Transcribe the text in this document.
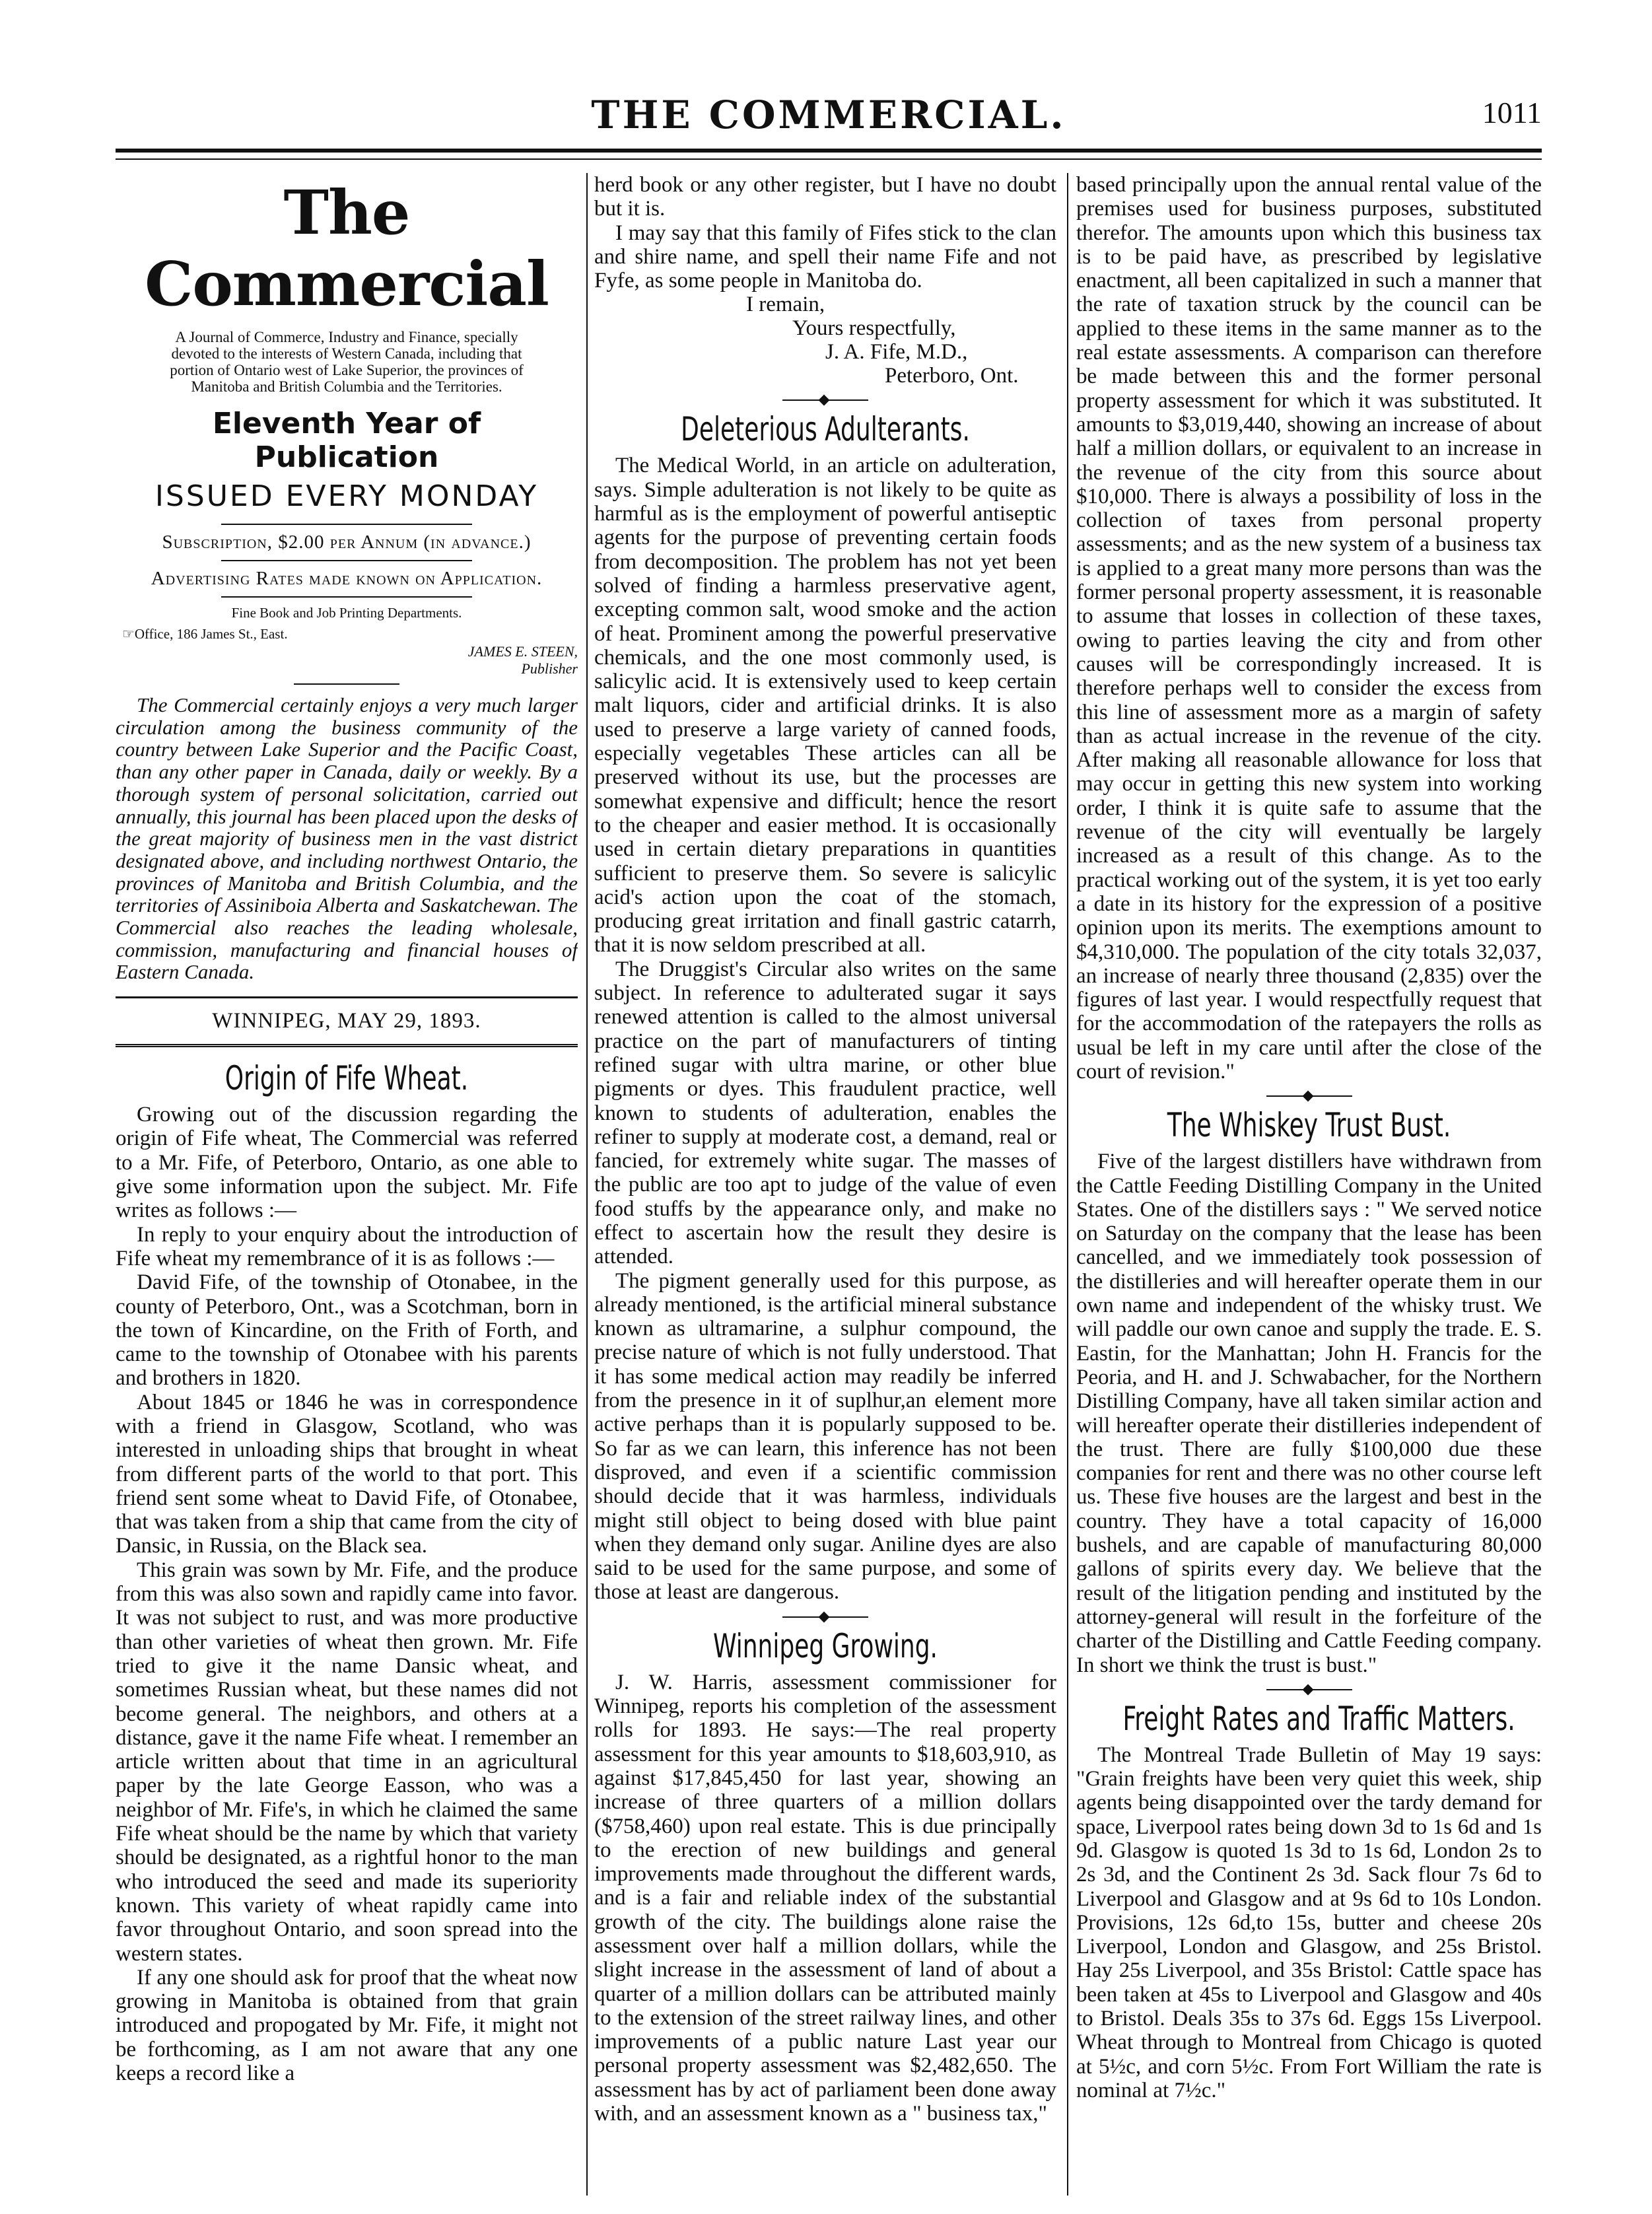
THE COMMERCIAL.	1011
The Commercial
A Journal of Commerce, Industry and Finance, specially devoted to the interests of Western Canada, including that portion of Ontario west of Lake Superior, the provinces of Manitoba and British Columbia and the Territories.
Eleventh Year of Publication
ISSUED EVERY MONDAY
Subscription, $2.00 per Annum (in advance.)
Advertising Rates made known on Application.
Fine Book and Job Printing Departments.
☞Office, 186 James St., East.
JAMES E. STEEN,
Publisher

The Commercial certainly enjoys a very much larger circulation among the business community of the country between Lake Superior and the Pacific Coast, than any other paper in Canada, daily or weekly. By a thorough system of personal solicitation, carried out annually, this journal has been placed upon the desks of the great majority of business men in the vast district designated above, and including northwest Ontario, the provinces of Manitoba and British Columbia, and the territories of Assiniboia Alberta and Saskatchewan. The Commercial also reaches the leading wholesale, commission, manufacturing and financial houses of Eastern Canada.

WINNIPEG, MAY 29, 1893.
Origin of Fife Wheat.

Growing out of the discussion regarding the origin of Fife wheat, The Commercial was referred to a Mr. Fife, of Peterboro, Ontario, as one able to give some information upon the subject. Mr. Fife writes as follows :—

In reply to your enquiry about the introduction of Fife wheat my remembrance of it is as follows :—

David Fife, of the township of Otonabee, in the county of Peterboro, Ont., was a Scotchman, born in the town of Kincardine, on the Frith of Forth, and came to the township of Otonabee with his parents and brothers in 1820.

About 1845 or 1846 he was in correspondence with a friend in Glasgow, Scotland, who was interested in unloading ships that brought in wheat from different parts of the world to that port. This friend sent some wheat to David Fife, of Otonabee, that was taken from a ship that came from the city of Dansic, in Russia, on the Black sea.

This grain was sown by Mr. Fife, and the produce from this was also sown and rapidly came into favor. It was not subject to rust, and was more productive than other varieties of wheat then grown. Mr. Fife tried to give it the name Dansic wheat, and sometimes Russian wheat, but these names did not become general. The neighbors, and others at a distance, gave it the name Fife wheat. I remember an article written about that time in an agricultural paper by the late George Easson, who was a neighbor of Mr. Fife's, in which he claimed the same Fife wheat should be the name by which that variety should be designated, as a rightful honor to the man who introduced the seed and made its superiority known. This variety of wheat rapidly came into favor throughout Ontario, and soon spread into the western states.

If any one should ask for proof that the wheat now growing in Manitoba is obtained from that grain introduced and propogated by Mr. Fife, it might not be forthcoming, as I am not aware that any one keeps a record like a

herd book or any other register, but I have no doubt but it is.

I may say that this family of Fifes stick to the clan and shire name, and spell their name Fife and not Fyfe, as some people in Manitoba do.

I remain,
Yours respectfully,
J. A. Fife, M.D.,
Peterboro, Ont.
Deleterious Adulterants.

The Medical World, in an article on adulteration, says. Simple adulteration is not likely to be quite as harmful as is the employment of powerful antiseptic agents for the purpose of preventing certain foods from decomposition. The problem has not yet been solved of finding a harmless preservative agent, excepting common salt, wood smoke and the action of heat. Prominent among the powerful preservative chemicals, and the one most commonly used, is salicylic acid. It is extensively used to keep certain malt liquors, cider and artificial drinks. It is also used to preserve a large variety of canned foods, especially vegetables These articles can all be preserved without its use, but the processes are somewhat expensive and difficult; hence the resort to the cheaper and easier method. It is occasionally used in certain dietary preparations in quantities sufficient to preserve them. So severe is salicylic acid's action upon the coat of the stomach, producing great irritation and finall gastric catarrh, that it is now seldom prescribed at all.

The Druggist's Circular also writes on the same subject. In reference to adulterated sugar it says renewed attention is called to the almost universal practice on the part of manufacturers of tinting refined sugar with ultra marine, or other blue pigments or dyes. This fraudulent practice, well known to students of adulteration, enables the refiner to supply at moderate cost, a demand, real or fancied, for extremely white sugar. The masses of the public are too apt to judge of the value of even food stuffs by the appearance only, and make no effect to ascertain how the result they desire is attended.

The pigment generally used for this purpose, as already mentioned, is the artificial mineral substance known as ultramarine, a sulphur compound, the precise nature of which is not fully understood. That it has some medical action may readily be inferred from the presence in it of suplhur,an element more active perhaps than it is popularly supposed to be. So far as we can learn, this inference has not been disproved, and even if a scientific commission should decide that it was harmless, individuals might still object to being dosed with blue paint when they demand only sugar. Aniline dyes are also said to be used for the same purpose, and some of those at least are dangerous.

Winnipeg Growing.

J. W. Harris, assessment commissioner for Winnipeg, reports his completion of the assessment rolls for 1893. He says:—The real property assessment for this year amounts to $18,603,910, as against $17,845,450 for last year, showing an increase of three quarters of a million dollars ($758,460) upon real estate. This is due principally to the erection of new buildings and general improvements made throughout the different wards, and is a fair and reliable index of the substantial growth of the city. The buildings alone raise the assessment over half a million dollars, while the slight increase in the assessment of land of about a quarter of a million dollars can be attributed mainly to the extension of the street railway lines, and other improvements of a public nature Last year our personal property assessment was $2,482,650. The assessment has by act of parliament been done away with, and an assessment known as a " business tax,"

based principally upon the annual rental value of the premises used for business purposes, substituted therefor. The amounts upon which this business tax is to be paid have, as prescribed by legislative enactment, all been capitalized in such a manner that the rate of taxation struck by the council can be applied to these items in the same manner as to the real estate assessments. A comparison can therefore be made between this and the former personal property assessment for which it was substituted. It amounts to $3,019,440, showing an increase of about half a million dollars, or equivalent to an increase in the revenue of the city from this source about $10,000. There is always a possibility of loss in the collection of taxes from personal property assessments; and as the new system of a business tax is applied to a great many more persons than was the former personal property assessment, it is reasonable to assume that losses in collection of these taxes, owing to parties leaving the city and from other causes will be correspondingly increased. It is therefore perhaps well to consider the excess from this line of assessment more as a margin of safety than as actual increase in the revenue of the city. After making all reasonable allowance for loss that may occur in getting this new system into working order, I think it is quite safe to assume that the revenue of the city will eventually be largely increased as a result of this change. As to the practical working out of the system, it is yet too early a date in its history for the expression of a positive opinion upon its merits. The exemptions amount to $4,310,000. The population of the city totals 32,037, an increase of nearly three thousand (2,835) over the figures of last year. I would respectfully request that for the accommodation of the ratepayers the rolls as usual be left in my care until after the close of the court of revision."

The Whiskey Trust Bust.

Five of the largest distillers have withdrawn from the Cattle Feeding Distilling Company in the United States. One of the distillers says : " We served notice on Saturday on the company that the lease has been cancelled, and we immediately took possession of the distilleries and will hereafter operate them in our own name and independent of the whisky trust. We will paddle our own canoe and supply the trade. E. S. Eastin, for the Manhattan; John H. Francis for the Peoria, and H. and J. Schwabacher, for the Northern Distilling Company, have all taken similar action and will hereafter operate their distilleries independent of the trust. There are fully $100,000 due these companies for rent and there was no other course left us. These five houses are the largest and best in the country. They have a total capacity of 16,000 bushels, and are capable of manufacturing 80,000 gallons of spirits every day. We believe that the result of the litigation pending and instituted by the attorney-general will result in the forfeiture of the charter of the Distilling and Cattle Feeding company. In short we think the trust is bust."

Freight Rates and Traffic Matters.

The Montreal Trade Bulletin of May 19 says: "Grain freights have been very quiet this week, ship agents being disappointed over the tardy demand for space, Liverpool rates being down 3d to 1s 6d and 1s 9d. Glasgow is quoted 1s 3d to 1s 6d, London 2s to 2s 3d, and the Continent 2s 3d. Sack flour 7s 6d to Liverpool and Glasgow and at 9s 6d to 10s London. Provisions, 12s 6d,to 15s, butter and cheese 20s Liverpool, London and Glasgow, and 25s Bristol. Hay 25s Liverpool, and 35s Bristol: Cattle space has been taken at 45s to Liverpool and Glasgow and 40s to Bristol. Deals 35s to 37s 6d. Eggs 15s Liverpool. Wheat through to Montreal from Chicago is quoted at 5½c, and corn 5½c. From Fort William the rate is nominal at 7½c."
